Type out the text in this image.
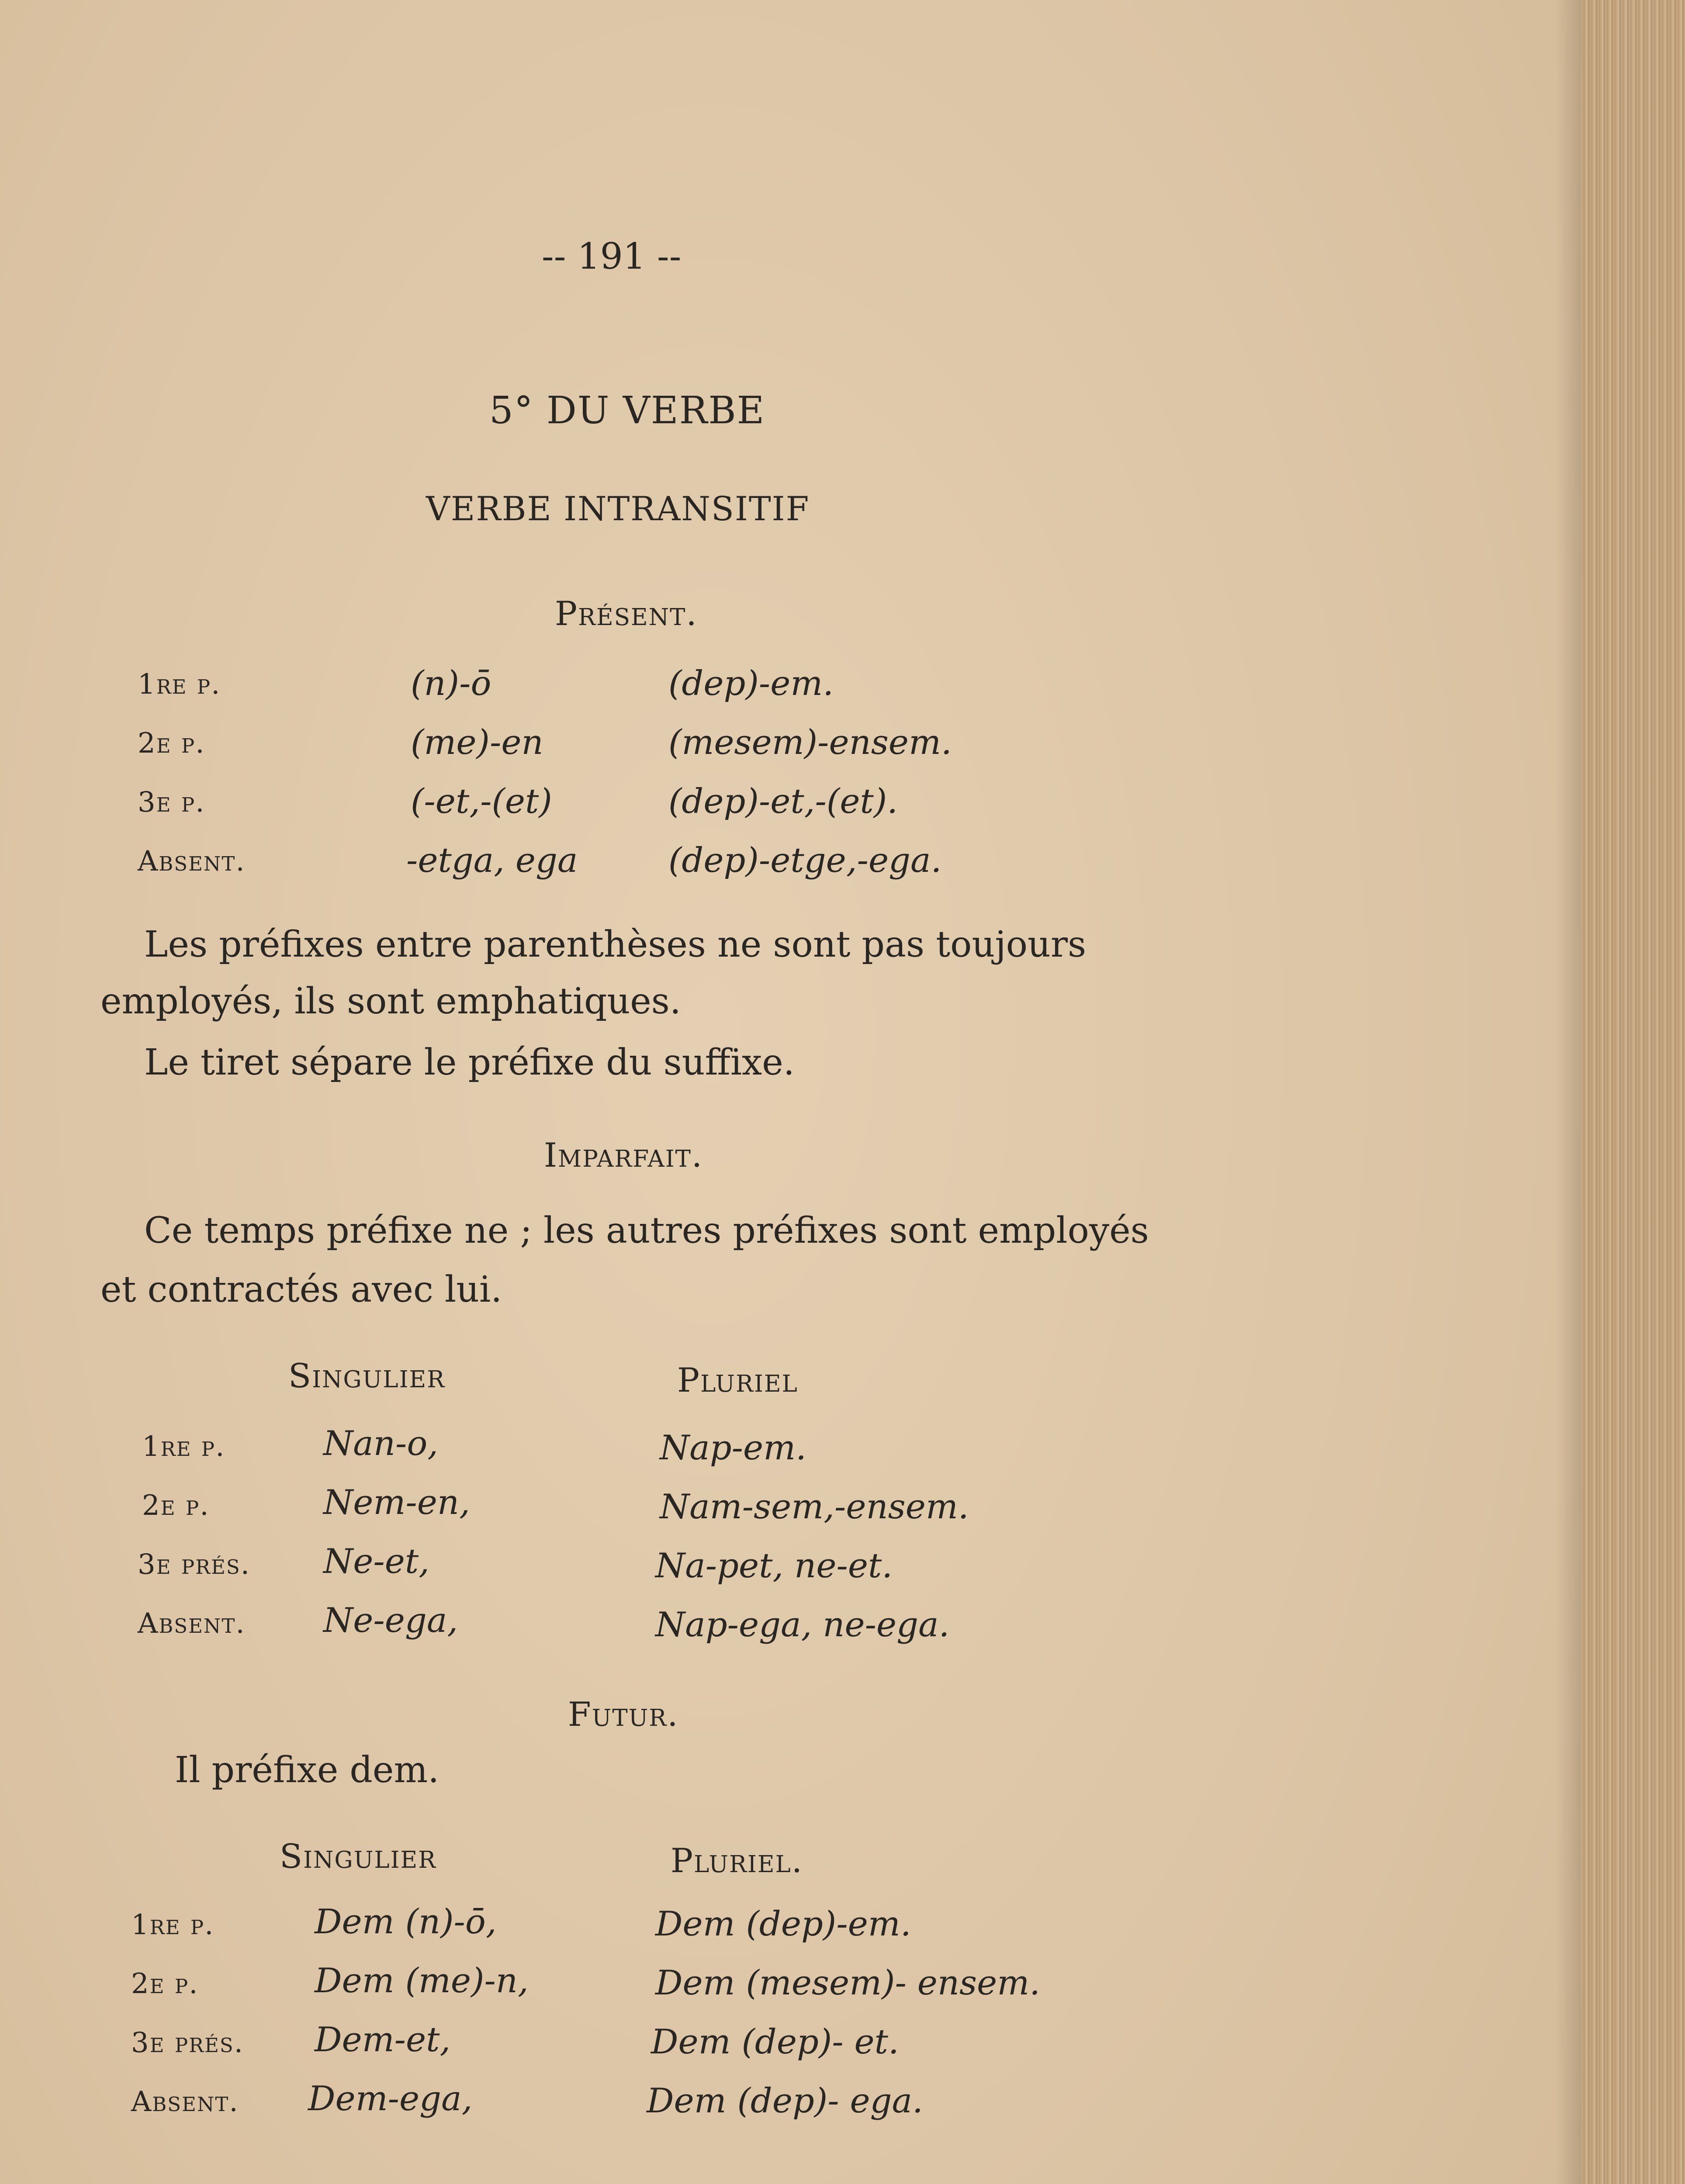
-- 191 --
5° DU VERBE
VERBE INTRANSITIF
Présent.
1re p.	(n)-ō	(dep)-em.
2e p.	(me)-en	(mesem)-ensem.
3e p.	(-et,-(et)	(dep)-et,-(et).
Absent.	-etga, ega	(dep)-etge,-ega.
Les préfixes entre parenthèses ne sont pas toujours
employés, ils sont emphatiques.
Le tiret sépare le préfixe du suffixe.
Imparfait.
Ce temps préfixe ne ; les autres préfixes sont employés
et contractés avec lui.
Singulier	Pluriel
1re p.	Nan-o,	Nap-em.
2e p.	Nem-en,	Nam-sem,-ensem.
3e prés. Ne-et,	Na-pet, ne-et.
Absent. Ne-ega,	Nap-ega, ne-ega.
Futur.
Il préfixe dem.
Singulier	Pluriel.
1re p.	Dem (n)-ō,	Dem (dep)-em.
2e p.	Dem (me)-n,	Dem (mesem)- ensem.
3e prés. Dem-et,	Dem (dep)- et.
Absent. Dem-ega,	Dem (dep)- ega.
